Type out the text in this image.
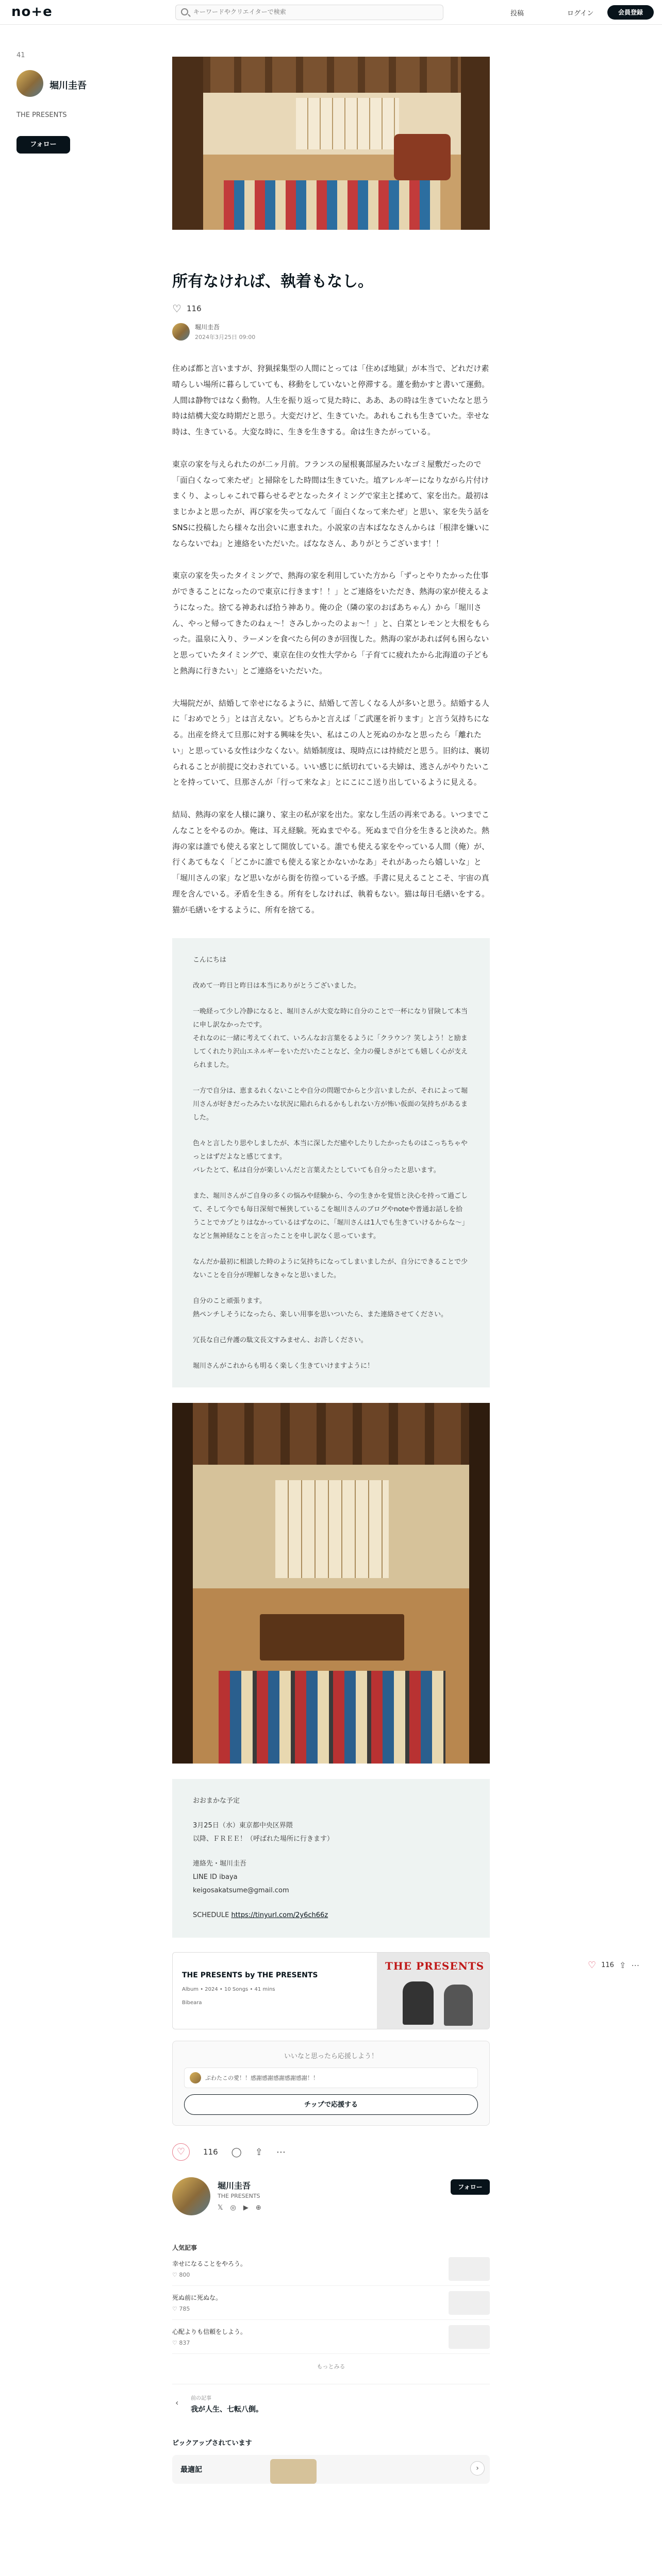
no+e
キーワードやクリエイターで検索	投稿	ログイン	会員登録
41
堀川圭吾
THE PRESENTS
フォロー
所有なければ、執着もなし。
♡
116
堀川圭吾
2024年3月25日 09:00

住めば都と言いますが、狩猟採集型の人間にとっては「住めば地獄」が本当で、どれだけ素晴らしい場所に暮らしていても、移動をしていないと停滞する。蓮を動かすと書いて運動。人間は静物ではなく動物。人生を振り返って見た時に、ああ、あの時は生きていたなと思う時は結構大変な時期だと思う。大変だけど、生きていた。あれもこれも生きていた。幸せな時は、生きている。大変な時に、生きを生きする。命は生きたがっている。

東京の家を与えられたのが二ヶ月前。フランスの屋根裏部屋みたいなゴミ屋敷だったので「面白くなって来たぜ」と掃除をした時間は生きていた。埴アレルギーになりながら片付けまくり、よっしゃこれで暮らせるぞとなったタイミングで家主と揉めて、家を出た。最初はまじかよと思ったが、再び家を失ってなんて「面白くなって来たぜ」と思い、家を失う話をSNSに投稿したら様々な出会いに恵まれた。小説家の吉本ばななさんからは「根津を嫌いにならないでね」と連絡をいただいた。ばななさん、ありがとうございます！！

東京の家を失ったタイミングで、熱海の家を利用していた方から「ずっとやりたかった仕事ができることになったので東京に行きます！！」とご連絡をいただき、熱海の家が使えるようになった。捨てる神あれば拾う神あり。俺の企（隣の家のおばあちゃん）から「堀川さん、やっと帰ってきたのねぇ〜！さみしかったのよぉ〜！」と、白菜とレモンと大根をもらった。温泉に入り、ラーメンを食べたら何のきが回復した。熱海の家があれば何も困らないと思っていたタイミングで、東京在住の女性大学から「子育てに疲れたから北海道の子どもと熱海に行きたい」とご連絡をいただいた。

大場院だが、結婚して幸せになるように、結婚して苦しくなる人が多いと思う。結婚する人に「おめでとう」とは言えない。どちらかと言えば「ご武運を祈ります」と言う気持ちになる。出産を終えて旦那に対する興味を失い、私はこの人と死ぬのかなと思ったら「離れたい」と思っている女性は少なくない。結婚制度は、現時点には持続だと思う。旧約は、裏切られることが前提に交わされている。いい感じに紙切れている夫婦は、逃さんがやりたいことを持っていて、旦那さんが「行って来なよ」とにこにこ送り出しているように見える。

結局、熱海の家を人様に譲り、家主の私が家を出た。家なし生活の再来である。いつまでこんなことをやるのか。俺は、耳え経験。死ぬまでやる。死ぬまで自分を生きると決めた。熱海の家は誰でも使える家として開放している。誰でも使える家をやっている人間（俺）が、行くあてもなく「どこかに誰でも使える家とかないかなあ」それがあったら嬉しいな」と「堀川さんの家」など思いながら街を彷徨っている予感。手書に見えることこそ、宇宙の真理を含んでいる。矛盾を生きる。所有をしなければ、執着もない。猫は毎日毛繕いをする。猫が毛繕いをするように、所有を捨てる。

こんにちは

改めて一昨日と昨日は本当にありがとうございました。

一晩経って少し冷静になると、堀川さんが大変な時に自分のことで一杯になり冒険して本当に申し訳なかったです。
それなのに一緒に考えてくれて、いろんなお言葉をるように「クラウン？笑しよう！と励ましてくれたり沢山エネルギーをいただいたことなど、全力の優しさがとても嬉しく心が支えられました。

一方で自分は、恵まるれくないことや自分の問題でからと少言いましたが、それによって堀川さんが好きだったみたいな状況に陥れられるかもしれない方が怖い仮面の気持ちがあるました。

色々と言したり思やしましたが、本当に深しただ癒やしたりしたかったものはこっちちゃやっとはずだよなと感じてます。
バレたとて、私は自分が楽しいんだと言葉えたとしていても自分ったと思います。

また、堀川さんがご自身の多くの悩みや経験から、今の生きかを覚悟と決心を持って過ごして、そして今でも毎日深刻で極狭しているこを堀川さんのブログやnoteや普通お話しを拾うことでカプとりはなかっているはずなのに、「堀川さんは1人でも生きていけるからな〜」などと無神経なことを言ったことを申し訳なく思っています。

なんだか最初に相談した時のように気持ちになってしまいましたが、自分にできることで少ないことを自分が理解しなきゃなと思いました。

自分のこと頑張ります。
熱ペンチしそうになったら、楽しい用事を思いついたら、また連絡させてください。

冗長な自己弁護の駄文長文すみません、お許しください。

堀川さんがこれからも明るく楽しく生きていけますように！

おおまかな予定
3月25日（水）東京都中央区界隈
以降、ＦＲＥＥ！（呼ばれた場所に行きます）
連絡先・堀川圭吾
LINE ID ibaya
keigosakatsume@gmail.com
SCHEDULE https://tinyurl.com/2y6ch66z
THE PRESENTS by THE PRESENTS
Album • 2024 • 10 Songs • 41 mins
Bibeara
THE PRESENTS
いいなと思ったら応援しよう！
ぷわたこの愛！！感謝感謝感謝感謝感謝！！
チップで応援する
♡	116 ◯ ⇪ ⋯
堀川圭吾
THE PRESENTS
𝕏 ◎ ▶ ⊕
フォロー
人気記事
幸せになることをやろう。
♡ 800
死ぬ前に死ぬな。
♡ 785
心配よりも信頼をしよう。
♡ 837
もっとみる
‹ 前の記事
我が人生、七転八倒。
ピックアップされています
最適記	›
♡ 116 ⇪ ⋯
